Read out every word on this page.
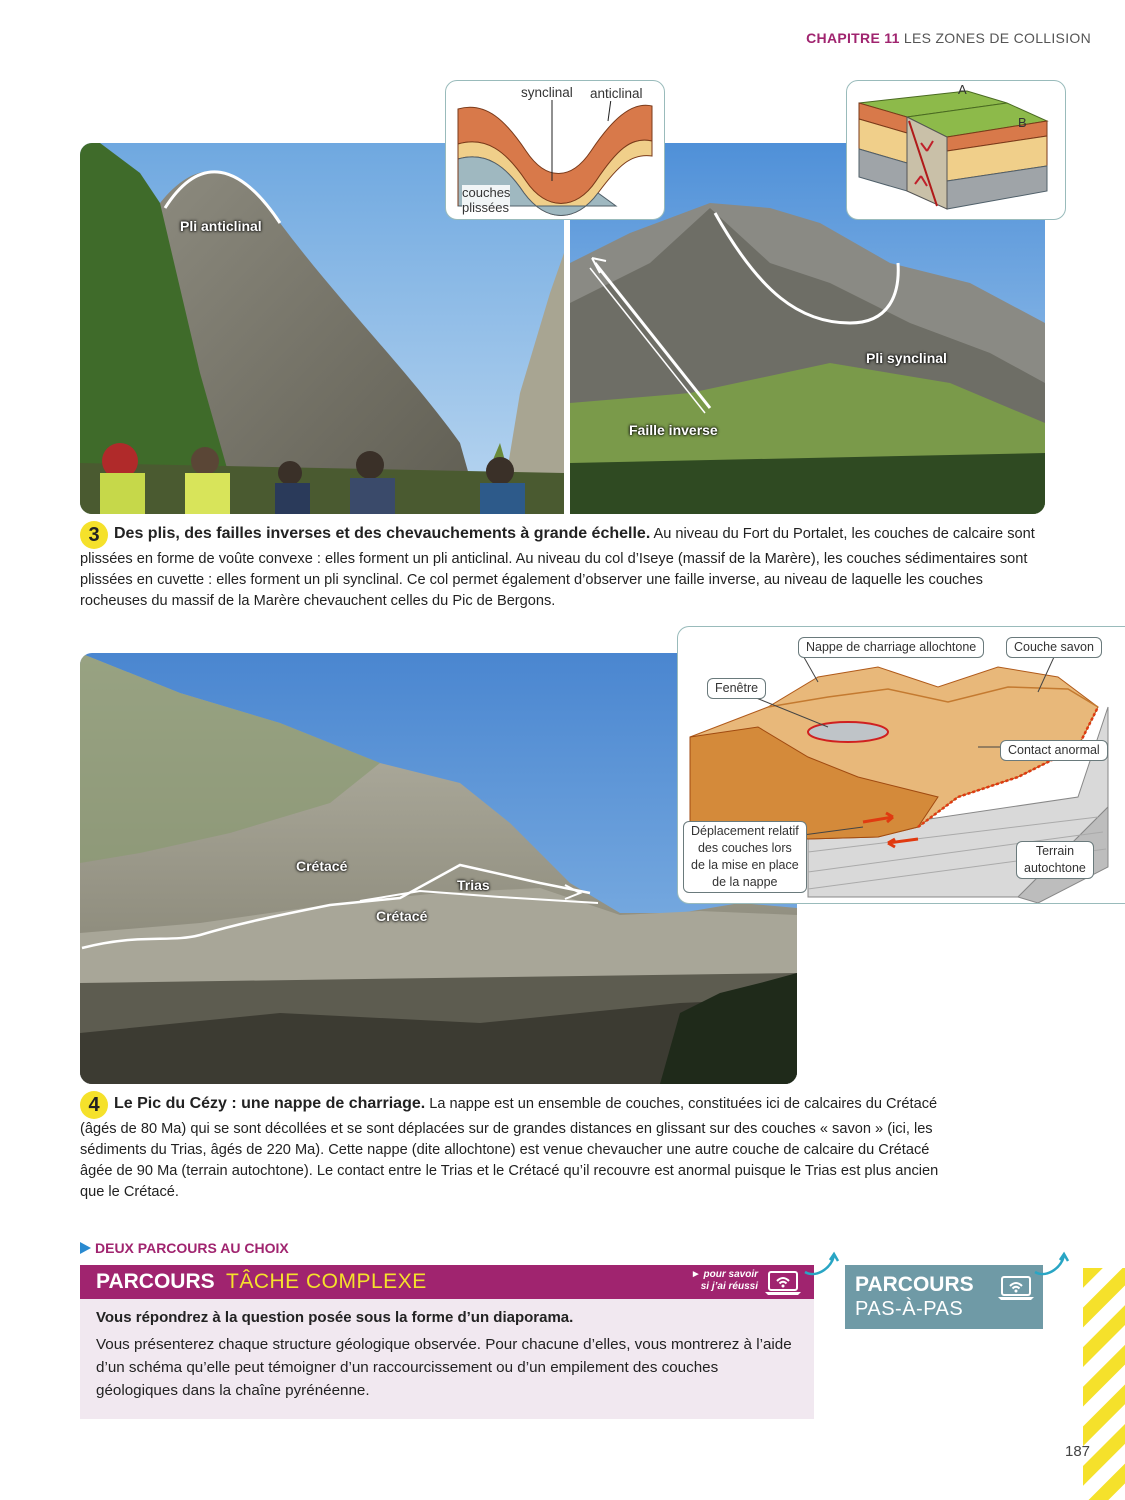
CHAPITRE 11 LES ZONES DE COLLISION
Pli anticlinal
Pli synclinal
Faille inverse
synclinal anticlinal
couches
plissées
A
B
3 Des plis, des failles inverses et des chevauchements à grande échelle. Au niveau du Fort du Portalet, les couches de calcaire sont plissées en forme de voûte convexe : elles forment un pli anticlinal. Au niveau du col d’Iseye (massif de la Marère), les couches sédimentaires sont plissées en cuvette : elles forment un pli synclinal. Ce col permet également d’observer une faille inverse, au niveau de laquelle les couches rocheuses du massif de la Marère chevauchent celles du Pic de Bergons.
Crétacé
Trias
Crétacé
Nappe de charriage allochtone	Couche savon
Fenêtre
Contact anormal
Déplacement relatif
des couches lors
de la mise en place
de la nappe
Terrain
autochtone
4 Le Pic du Cézy : une nappe de charriage. La nappe est un ensemble de couches, constituées ici de calcaires du Crétacé (âgés de 80 Ma) qui se sont décollées et se sont déplacées sur de grandes distances en glissant sur des couches « savon » (ici, les sédiments du Trias, âgés de 220 Ma). Cette nappe (dite allochtone) est venue chevaucher une autre couche de calcaire du Crétacé âgée de 90 Ma (terrain autochtone). Le contact entre le Trias et le Crétacé qu’il recouvre est anormal puisque le Trias est plus ancien que le Crétacé.
DEUX PARCOURS AU CHOIX
PARCOURS TÂCHE COMPLEXE	► pour savoir
si j’ai réussi
Vous répondrez à la question posée sous la forme d’un diaporama.
Vous présenterez chaque structure géologique observée. Pour chacune d’elles, vous montrerez à l’aide d’un schéma qu’elle peut témoigner d’un raccourcissement ou d’un empilement des couches géologiques dans la chaîne pyrénéenne.
PARCOURS
PAS-À-PAS
187
